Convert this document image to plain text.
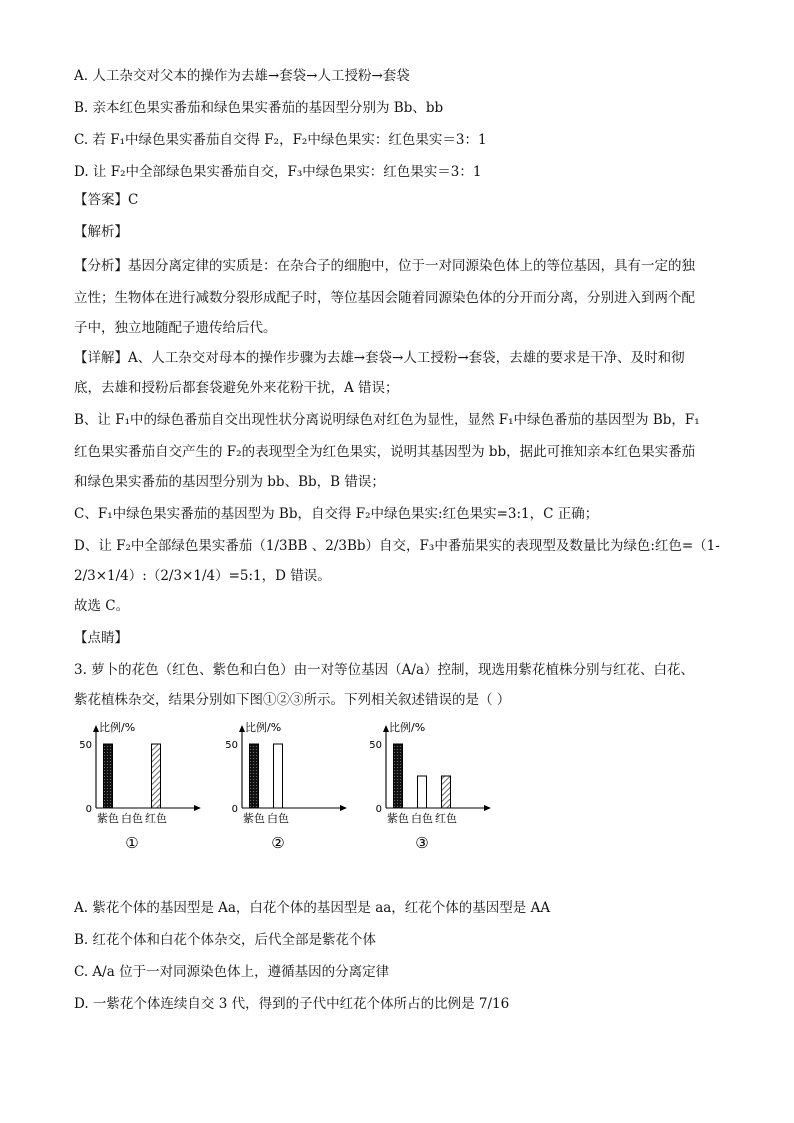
A. 人工杂交对父本的操作为去雄→套袋→人工授粉→套袋
B. 亲本红色果实番茄和绿色果实番茄的基因型分别为 Bb、bb
C. 若 F₁中绿色果实番茄自交得 F₂，F₂中绿色果实：红色果实＝3：1
D. 让 F₂中全部绿色果实番茄自交，F₃中绿色果实：红色果实＝3：1
【答案】C
【解析】
【分析】基因分离定律的实质是：在杂合子的细胞中，位于一对同源染色体上的等位基因，具有一定的独
立性；生物体在进行减数分裂形成配子时，等位基因会随着同源染色体的分开而分离，分别进入到两个配
子中，独立地随配子遗传给后代。
【详解】A、人工杂交对母本的操作步骤为去雄→套袋→人工授粉→套袋，去雄的要求是干净、及时和彻
底，去雄和授粉后都套袋避免外来花粉干扰，A 错误；
B、让 F₁中的绿色番茄自交出现性状分离说明绿色对红色为显性，显然 F₁中绿色番茄的基因型为 Bb，F₁
红色果实番茄自交产生的 F₂的表现型全为红色果实，说明其基因型为 bb，据此可推知亲本红色果实番茄
和绿色果实番茄的基因型分别为 bb、Bb，B 错误；
C、F₁中绿色果实番茄的基因型为 Bb，自交得 F₂中绿色果实:红色果实=3:1，C 正确；
D、让 F₂中全部绿色果实番茄（1/3BB 、2/3Bb）自交，F₃中番茄果实的表现型及数量比为绿色:红色=（1-
2/3×1/4）:（2/3×1/4）=5:1，D 错误。
故选 C。
【点睛】
3. 萝卜的花色（红色、紫色和白色）由一对等位基因（A/a）控制，现选用紫花植株分别与红花、白花、
紫花植株杂交，结果分别如下图①②③所示。下列相关叙述错误的是（ ）
比例/%
0
50
紫色 白色 红色
①
比例/%
0
50
紫色 白色
②
比例/%
0
50
紫色 白色 红色
③
A. 紫花个体的基因型是 Aa，白花个体的基因型是 aa，红花个体的基因型是 AA
B. 红花个体和白花个体杂交，后代全部是紫花个体
C. A/a 位于一对同源染色体上，遵循基因的分离定律
D. 一紫花个体连续自交 3 代，得到的子代中红花个体所占的比例是 7/16
